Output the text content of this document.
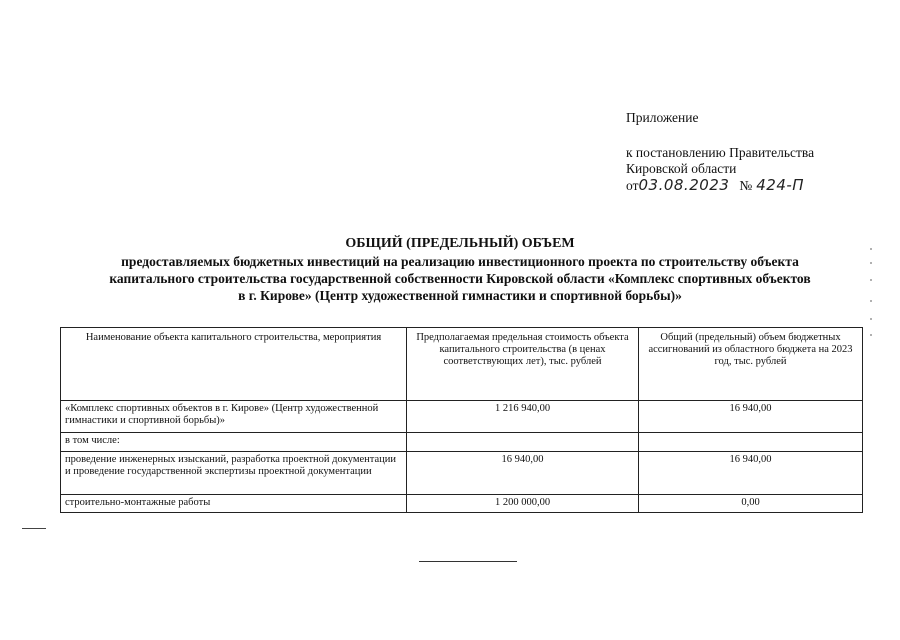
Приложение
к постановлению Правительства
Кировской области
от03.08.2023 № 424-П
ОБЩИЙ (ПРЕДЕЛЬНЫЙ) ОБЪЕМ
предоставляемых бюджетных инвестиций на реализацию инвестиционного проекта по строительству объекта
капитального строительства государственной собственности Кировской области «Комплекс спортивных объектов
в г. Кирове» (Центр художественной гимнастики и спортивной борьбы)»
Наименование объекта капитального строительства, мероприятия	Предполагаемая предельная стоимость объекта капитального строительства (в ценах соответствующих лет), тыс. рублей	Общий (предельный) объем бюджетных ассигнований из областного бюджета на 2023 год, тыс. рублей
«Комплекс спортивных объектов в г. Кирове» (Центр художественной гимнастики и спортивной борьбы)»	1 216 940,00	16 940,00
в том числе:		
проведение инженерных изысканий, разработка проектной документации и проведение государственной экспертизы проектной документации	16 940,00	16 940,00
строительно-монтажные работы	1 200 000,00	0,00
